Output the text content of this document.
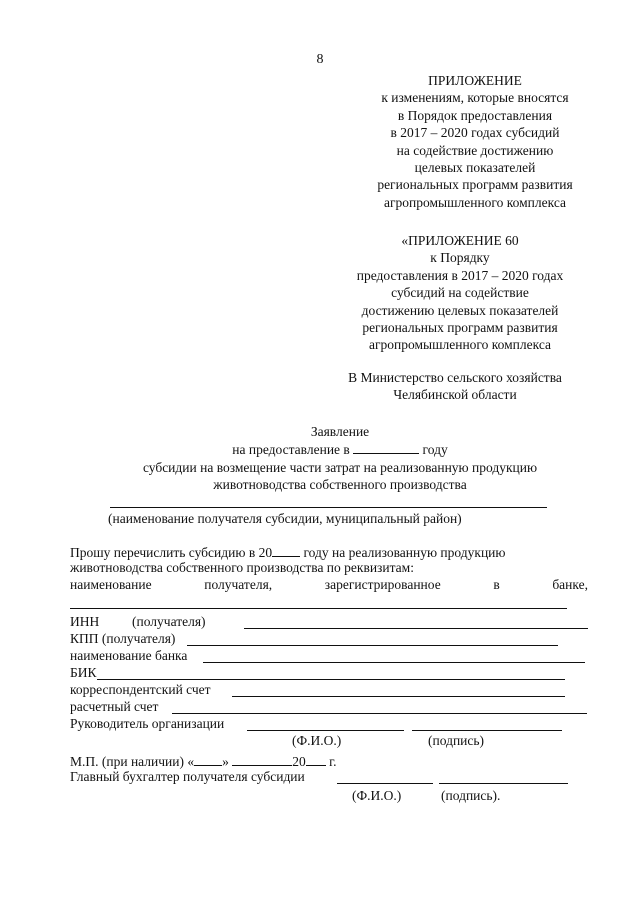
8
ПРИЛОЖЕНИЕ
к изменениям, которые вносятся
в Порядок предоставления
в 2017 – 2020 годах субсидий
на содействие достижению
целевых показателей
региональных программ развития
агропромышленного комплекса
«ПРИЛОЖЕНИЕ 60
к Порядку
предоставления в 2017 – 2020 годах
субсидий на содействие
достижению целевых показателей
региональных программ развития
агропромышленного комплекса
В Министерство сельского хозяйства
Челябинской области
Заявление
на предоставление в	году
субсидии на возмещение части затрат на реализованную продукцию
животноводства собственного производства
(наименование получателя субсидии, муниципальный район)
Прошу перечислить субсидию в 20 году на реализованную продукцию
животноводства собственного производства по реквизитам:
наименование	получателя,	зарегистрированное	в	банке,
ИНН (получателя)
КПП (получателя)
наименование банка
БИК
корреспондентский счет
расчетный счет
Руководитель организации
(Ф.И.О.)	(подпись)
М.П. (при наличии) « »	20 г.
Главный бухгалтер получателя субсидии
(Ф.И.О.)	(подпись).
